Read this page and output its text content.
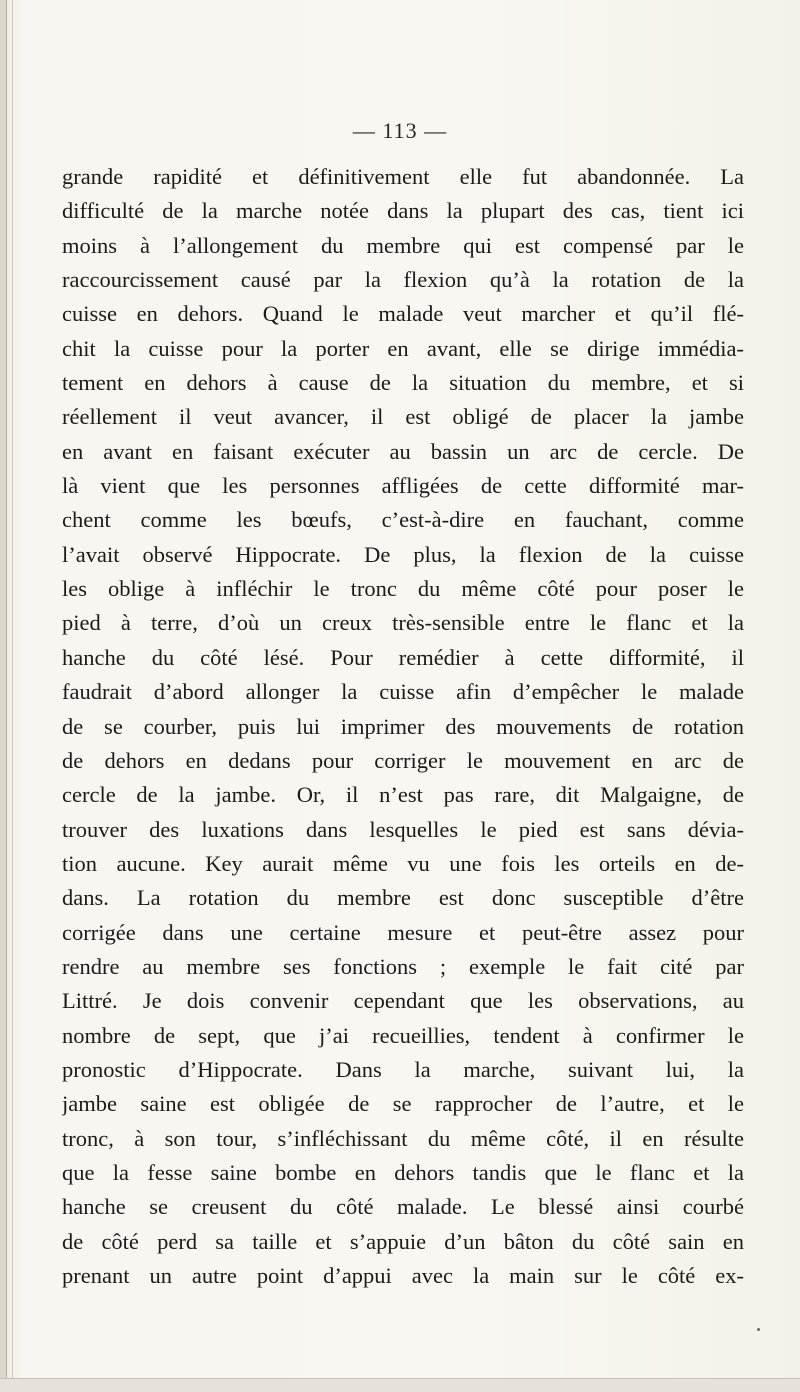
— 113 —
grande rapidité et définitivement elle fut abandonnée. La
difficulté de la marche notée dans la plupart des cas, tient ici
moins à l’allongement du membre qui est compensé par le
raccourcissement causé par la flexion qu’à la rotation de la
cuisse en dehors. Quand le malade veut marcher et qu’il flé-
chit la cuisse pour la porter en avant, elle se dirige immédia-
tement en dehors à cause de la situation du membre, et si
réellement il veut avancer, il est obligé de placer la jambe
en avant en faisant exécuter au bassin un arc de cercle. De
là vient que les personnes affligées de cette difformité mar-
chent comme les bœufs, c’est-à-dire en fauchant, comme
l’avait observé Hippocrate. De plus, la flexion de la cuisse
les oblige à infléchir le tronc du même côté pour poser le
pied à terre, d’où un creux très-sensible entre le flanc et la
hanche du côté lésé. Pour remédier à cette difformité, il
faudrait d’abord allonger la cuisse afin d’empêcher le malade
de se courber, puis lui imprimer des mouvements de rotation
de dehors en dedans pour corriger le mouvement en arc de
cercle de la jambe. Or, il n’est pas rare, dit Malgaigne, de
trouver des luxations dans lesquelles le pied est sans dévia-
tion aucune. Key aurait même vu une fois les orteils en de-
dans. La rotation du membre est donc susceptible d’être
corrigée dans une certaine mesure et peut-être assez pour
rendre au membre ses fonctions ; exemple le fait cité par
Littré. Je dois convenir cependant que les observations, au
nombre de sept, que j’ai recueillies, tendent à confirmer le
pronostic d’Hippocrate. Dans la marche, suivant lui, la
jambe saine est obligée de se rapprocher de l’autre, et le
tronc, à son tour, s’infléchissant du même côté, il en résulte
que la fesse saine bombe en dehors tandis que le flanc et la
hanche se creusent du côté malade. Le blessé ainsi courbé
de côté perd sa taille et s’appuie d’un bâton du côté sain en
prenant un autre point d’appui avec la main sur le côté ex-
